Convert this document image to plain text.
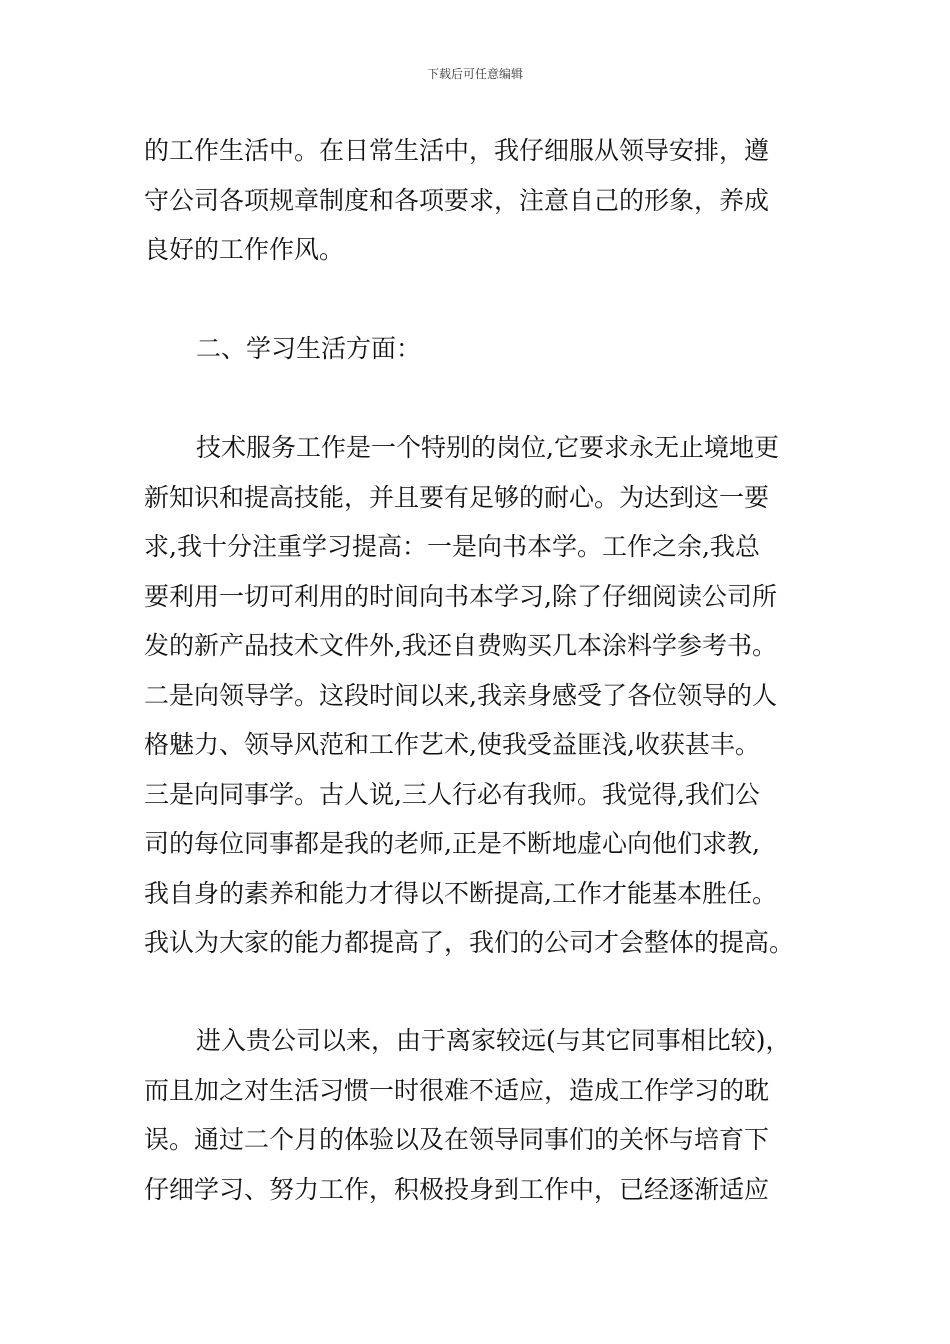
下载后可任意编辑
的工作生活中。在日常生活中，我仔细服从领导安排，遵
守公司各项规章制度和各项要求，注意自己的形象，养成
良好的工作作风。
二、学习生活方面：
技术服务工作是一个特别的岗位,它要求永无止境地更
新知识和提高技能，并且要有足够的耐心。为达到这一要
求,我十分注重学习提高：一是向书本学。工作之余,我总
要利用一切可利用的时间向书本学习,除了仔细阅读公司所
发的新产品技术文件外,我还自费购买几本涂料学参考书。
二是向领导学。这段时间以来,我亲身感受了各位领导的人
格魅力、领导风范和工作艺术,使我受益匪浅,收获甚丰。
三是向同事学。古人说,三人行必有我师。我觉得,我们公
司的每位同事都是我的老师,正是不断地虚心向他们求教,
我自身的素养和能力才得以不断提高,工作才能基本胜任。
我认为大家的能力都提高了，我们的公司才会整体的提高。
进入贵公司以来，由于离家较远(与其它同事相比较)，
而且加之对生活习惯一时很难不适应，造成工作学习的耽
误。通过二个月的体验以及在领导同事们的关怀与培育下
仔细学习、努力工作，积极投身到工作中，已经逐渐适应
